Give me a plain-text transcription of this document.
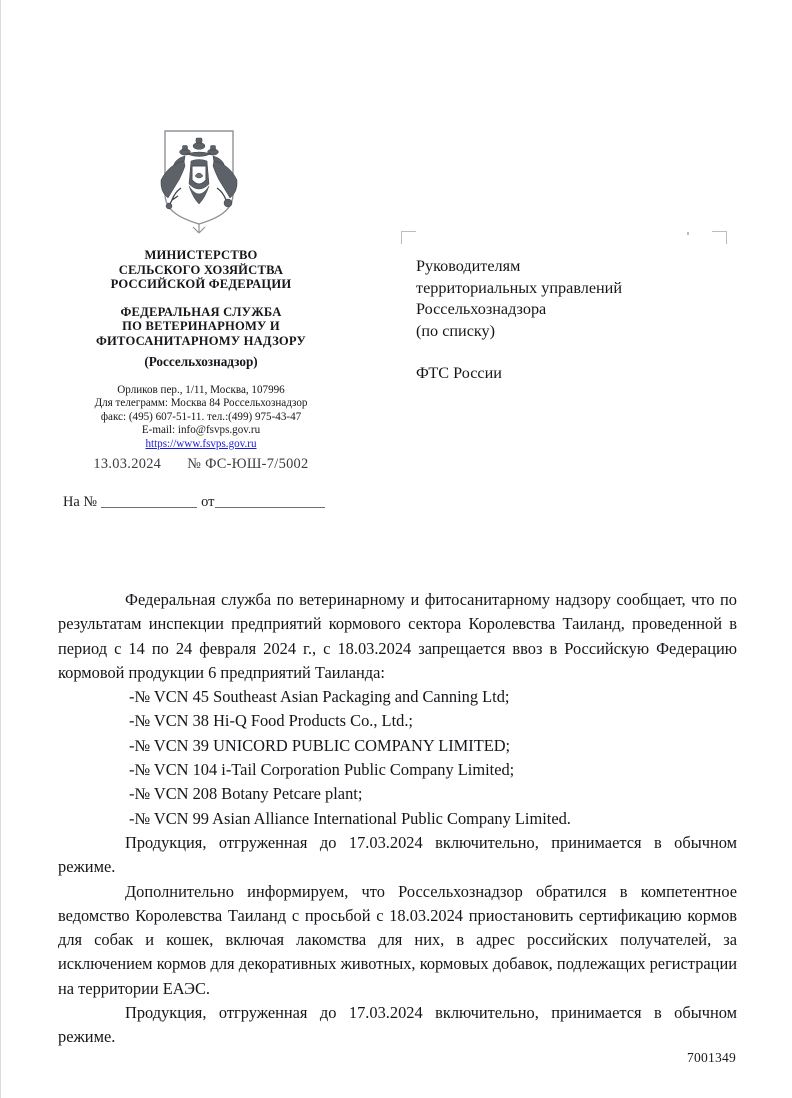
МИНИСТЕРСТВО
СЕЛЬСКОГО ХОЗЯЙСТВА
РОССИЙСКОЙ ФЕДЕРАЦИИ
ФЕДЕРАЛЬНАЯ СЛУЖБА
ПО ВЕТЕРИНАРНОМУ И
ФИТОСАНИТАРНОМУ НАДЗОРУ
(Россельхознадзор)
Орликов пер., 1/11, Москва, 107996
Для телеграмм: Москва 84 Россельхознадзор
факс: (495) 607-51-11. тел.:(499) 975-43-47
E-mail: info@fsvps.gov.ru
https://www.fsvps.gov.ru
13.03.2024 № ФС-ЮШ-7/5002
На №	от
Руководителям
территориальных управлений
Россельхознадзора
(по списку)
ФТС России

Федеральная служба по ветеринарному и фитосанитарному надзору сообщает, что по результатам инспекции предприятий кормового сектора Королевства Таиланд, проведенной в период с 14 по 24 февраля 2024 г., с 18.03.2024 запрещается ввоз в Российскую Федерацию кормовой продукции 6 предприятий Таиланда:

-№ VCN 45 Southeast Asian Packaging and Canning Ltd;
-№ VCN 38 Hi-Q Food Products Co., Ltd.;
-№ VCN 39 UNICORD PUBLIC COMPANY LIMITED;
-№ VCN 104 i-Tail Corporation Public Company Limited;
-№ VCN 208 Botany Petcare plant;
-№ VCN 99 Asian Alliance International Public Company Limited.

Продукция, отгруженная до 17.03.2024 включительно, принимается в обычном режиме.

Дополнительно информируем, что Россельхознадзор обратился в компетентное ведомство Королевства Таиланд с просьбой с 18.03.2024 приостановить сертификацию кормов для собак и кошек, включая лакомства для них, в адрес российских получателей, за исключением кормов для декоративных животных, кормовых добавок, подлежащих регистрации на территории ЕАЭС.

Продукция, отгруженная до 17.03.2024 включительно, принимается в обычном режиме.

7001349
